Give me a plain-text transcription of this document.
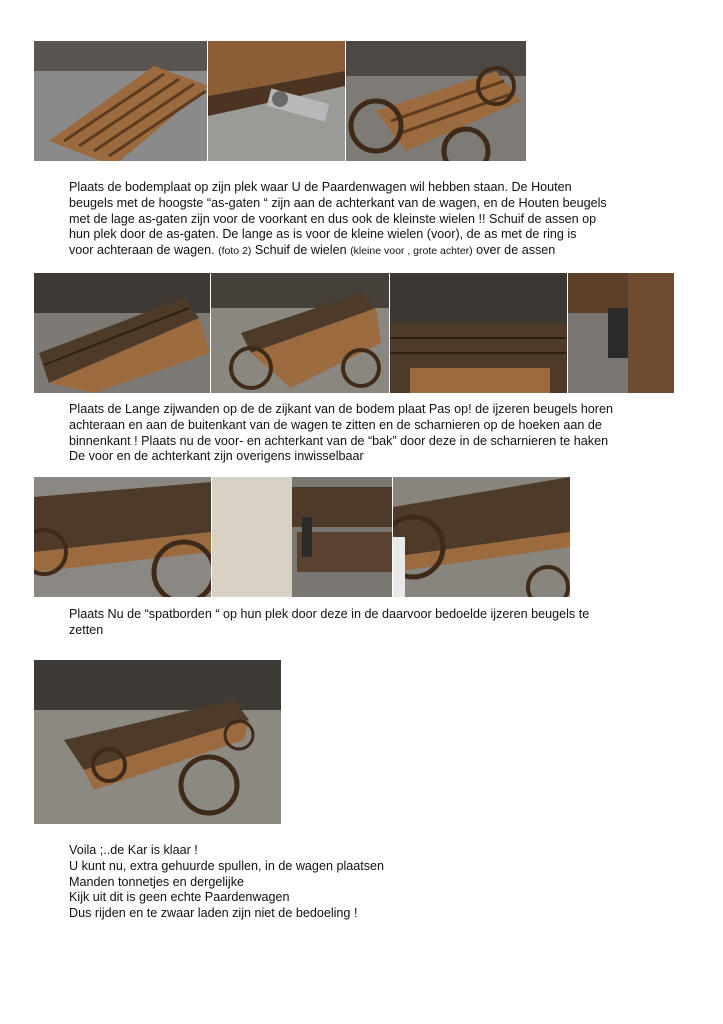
Plaats de bodemplaat op zijn plek waar U de Paardenwagen wil hebben staan. De Houten

beugels met de hoogste “as-gaten “ zijn aan de achterkant van de wagen, en de Houten beugels

met de lage as-gaten zijn voor de voorkant en dus ook de kleinste wielen !! Schuif de assen op

hun plek door de as-gaten. De lange as is voor de kleine wielen (voor), de as met de ring is

voor achteraan de wagen. (foto 2) Schuif de wielen (kleine voor , grote achter) over de assen

Plaats de Lange zijwanden op de de zijkant van de bodem plaat Pas op! de ijzeren beugels horen

achteraan en aan de buitenkant van de wagen te zitten en de scharnieren op de hoeken aan de

binnenkant ! Plaats nu de voor- en achterkant van de “bak” door deze in de scharnieren te haken

De voor en de achterkant zijn overigens inwisselbaar

Plaats Nu de “spatborden “ op hun plek door deze in de daarvoor bedoelde ijzeren beugels te

zetten

Voila ;..de Kar is klaar !

U kunt nu, extra gehuurde spullen, in de wagen plaatsen

Manden tonnetjes en dergelijke

Kijk uit dit is geen echte Paardenwagen

Dus rijden en te zwaar laden zijn niet de bedoeling !
